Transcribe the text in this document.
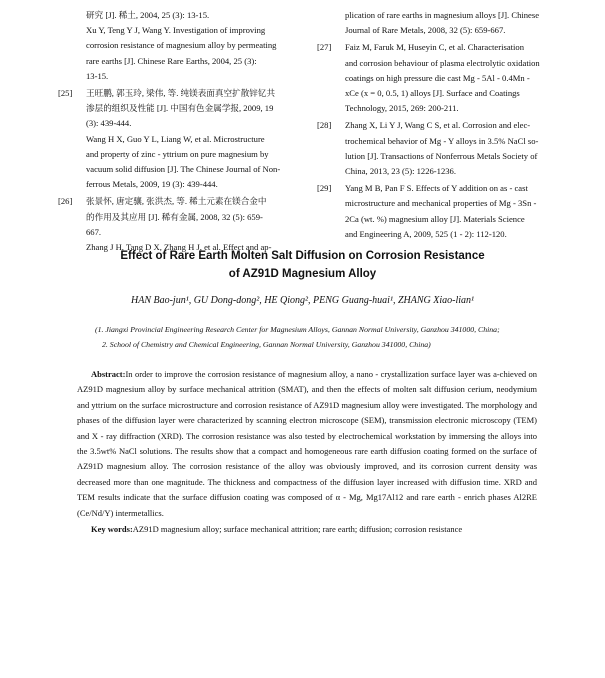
研究 [J]. 稀土, 2004, 25 (3): 13-15.
Xu Y, Teng Y J, Wang Y. Investigation of improving
corrosion resistance of magnesium alloy by permeating
rare earths [J]. Chinese Rare Earths, 2004, 25 (3):
13-15.
[25] 王旺鹏, 郭玉玲, 梁伟, 等. 纯镁表面真空扩散锌钇共
渗层的组织及性能 [J]. 中国有色金属学报, 2009, 19
(3): 439-444.
Wang H X, Guo Y L, Liang W, et al. Microstructure
and property of zinc - yttrium on pure magnesium by
vacuum solid diffusion [J]. The Chinese Journal of Non-
ferrous Metals, 2009, 19 (3): 439-444.
[26] 张景怀, 唐定骧, 张洪杰, 等. 稀土元素在镁合金中
的作用及其应用 [J]. 稀有金属, 2008, 32 (5): 659-
667.
Zhang J H, Tang D X, Zhang H J, et al. Effect and ap-
plication of rare earths in magnesium alloys [J]. Chinese
Journal of Rare Metals, 2008, 32 (5): 659-667.
[27] Faiz M, Faruk M, Huseyin C, et al. Characterisation
and corrosion behaviour of plasma electrolytic oxidation
coatings on high pressure die cast Mg - 5Al - 0.4Mn -
xCe (x = 0, 0.5, 1) alloys [J]. Surface and Coatings
Technology, 2015, 269: 200-211.
[28] Zhang X, Li Y J, Wang C S, et al. Corrosion and elec-
trochemical behavior of Mg - Y alloys in 3.5% NaCl so-
lution [J]. Transactions of Nonferrous Metals Society of
China, 2013, 23 (5): 1226-1236.
[29] Yang M B, Pan F S. Effects of Y addition on as - cast
microstructure and mechanical properties of Mg - 3Sn -
2Ca (wt. %) magnesium alloy [J]. Materials Science
and Engineering A, 2009, 525 (1 - 2): 112-120.
Effect of Rare Earth Molten Salt Diffusion on Corrosion Resistance
of AZ91D Magnesium Alloy
HAN Bao-jun¹, GU Dong-dong², HE Qiong², PENG Guang-huai¹, ZHANG Xiao-lian¹
(1. Jiangxi Provincial Engineering Research Center for Magnesium Alloys, Gannan Normal University, Ganzhou 341000, China;
2. School of Chemistry and Chemical Engineering, Gannan Normal University, Ganzhou 341000, China)
Abstract:In order to improve the corrosion resistance of magnesium alloy, a nano - crystallization surface layer was a-chieved on AZ91D magnesium alloy by surface mechanical attrition (SMAT), and then the effects of molten salt diffusion cerium, neodymium and yttrium on the surface microstructure and corrosion resistance of AZ91D magnesium alloy were investigated. The morphology and phases of the diffusion layer were characterized by scanning electron microscope (SEM), transmission electronic microscopy (TEM) and X - ray diffraction (XRD). The corrosion resistance was also tested by electrochemical workstation by immersing the alloys into the 3.5wt% NaCl solutions. The results show that a compact and homogeneous rare earth diffusion coating formed on the surface of AZ91D magnesium alloy. The corrosion resistance of the alloy was obviously improved, and its corrosion current density was decreased more than one magnitude. The thickness and compactness of the diffusion layer increased with diffusion time. XRD and TEM results indicate that the surface diffusion coating was composed of α - Mg, Mg17Al12 and rare earth - enrich phases Al2RE (Ce/Nd/Y) intermetallics.
Key words:AZ91D magnesium alloy; surface mechanical attrition; rare earth; diffusion; corrosion resistance
